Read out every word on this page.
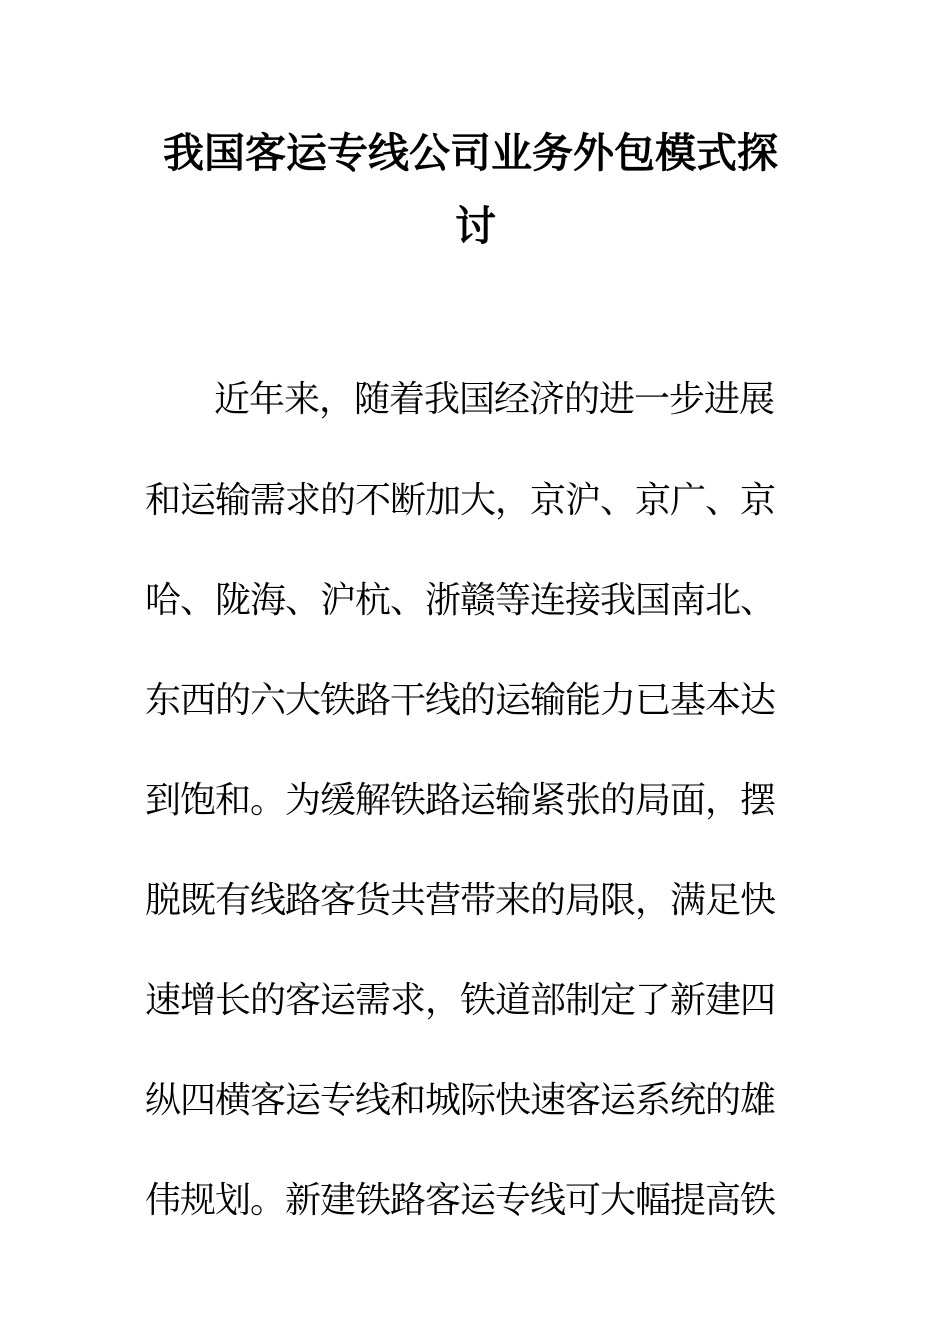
我国客运专线公司业务外包模式探
讨

近年来，随着我国经济的进一步进展

和运输需求的不断加大，京沪、京广、京

哈、陇海、沪杭、浙赣等连接我国南北、

东西的六大铁路干线的运输能力已基本达

到饱和。为缓解铁路运输紧张的局面，摆

脱既有线路客货共营带来的局限，满足快

速增长的客运需求，铁道部制定了新建四

纵四横客运专线和城际快速客运系统的雄

伟规划。新建铁路客运专线可大幅提高铁
